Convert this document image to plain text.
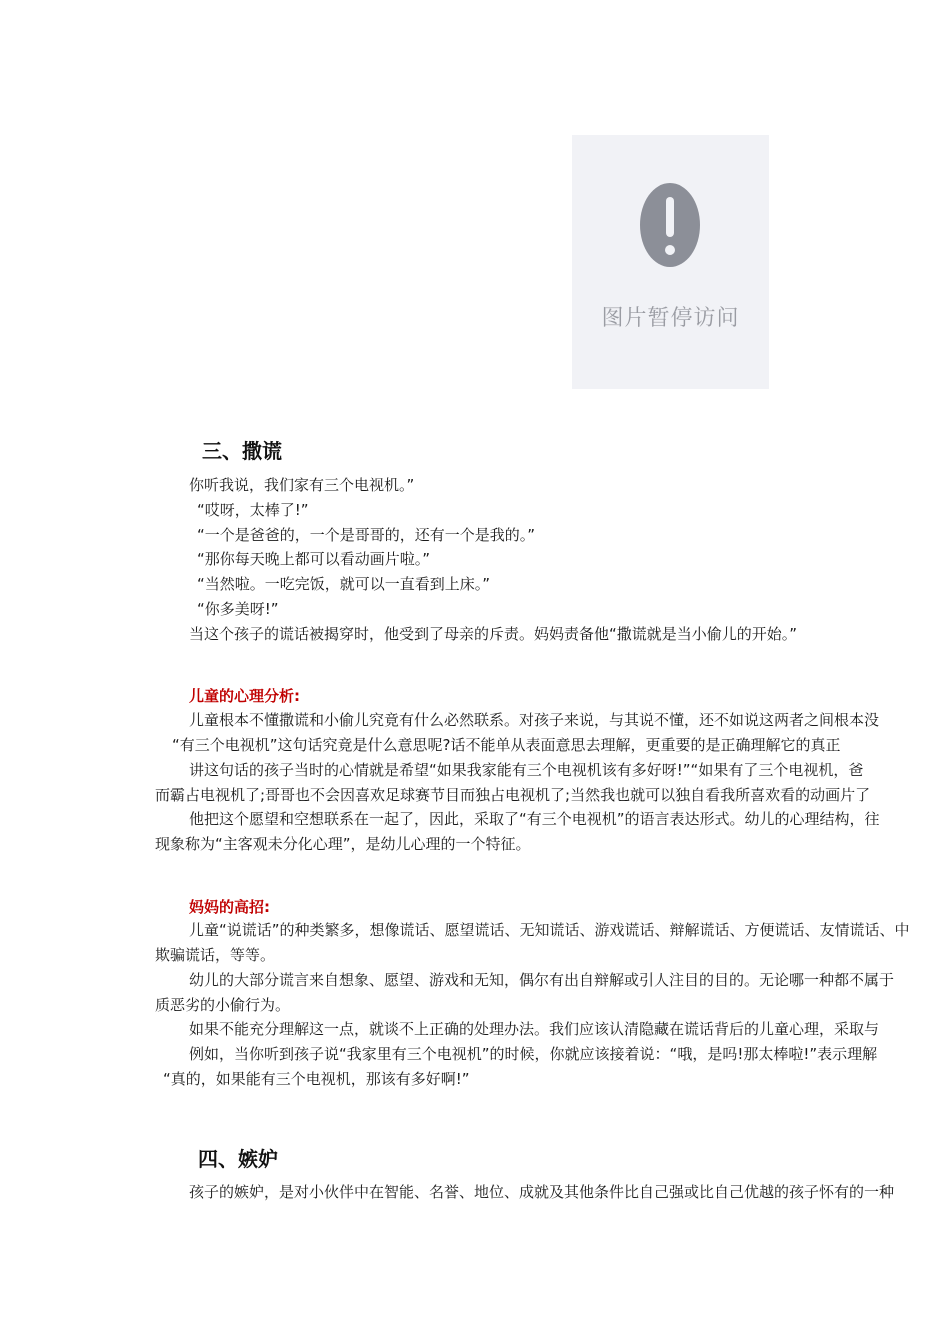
图片暂停访问
三、撒谎
你听我说，我们家有三个电视机。”
“哎呀，太棒了!”
“一个是爸爸的，一个是哥哥的，还有一个是我的。”
“那你每天晚上都可以看动画片啦。”
“当然啦。一吃完饭，就可以一直看到上床。”
“你多美呀!”
当这个孩子的谎话被揭穿时，他受到了母亲的斥责。妈妈责备他“撒谎就是当小偷儿的开始。”
儿童的心理分析:
儿童根本不懂撒谎和小偷儿究竟有什么必然联系。对孩子来说，与其说不懂，还不如说这两者之间根本没
“有三个电视机”这句话究竟是什么意思呢?话不能单从表面意思去理解，更重要的是正确理解它的真正
讲这句话的孩子当时的心情就是希望“如果我家能有三个电视机该有多好呀!”“如果有了三个电视机，爸
而霸占电视机了;哥哥也不会因喜欢足球赛节目而独占电视机了;当然我也就可以独自看我所喜欢看的动画片了
他把这个愿望和空想联系在一起了，因此，采取了“有三个电视机”的语言表达形式。幼儿的心理结构，往
现象称为“主客观未分化心理”，是幼儿心理的一个特征。
妈妈的高招:
儿童“说谎话”的种类繁多，想像谎话、愿望谎话、无知谎话、游戏谎话、辩解谎话、方便谎话、友情谎话、中
欺骗谎话，等等。
幼儿的大部分谎言来自想象、愿望、游戏和无知，偶尔有出自辩解或引人注目的目的。无论哪一种都不属于
质恶劣的小偷行为。
如果不能充分理解这一点，就谈不上正确的处理办法。我们应该认清隐藏在谎话背后的儿童心理，采取与
例如，当你听到孩子说“我家里有三个电视机”的时候，你就应该接着说：“哦，是吗!那太棒啦!”表示理解
“真的，如果能有三个电视机，那该有多好啊!”
四、嫉妒
孩子的嫉妒，是对小伙伴中在智能、名誉、地位、成就及其他条件比自己强或比自己优越的孩子怀有的一种
